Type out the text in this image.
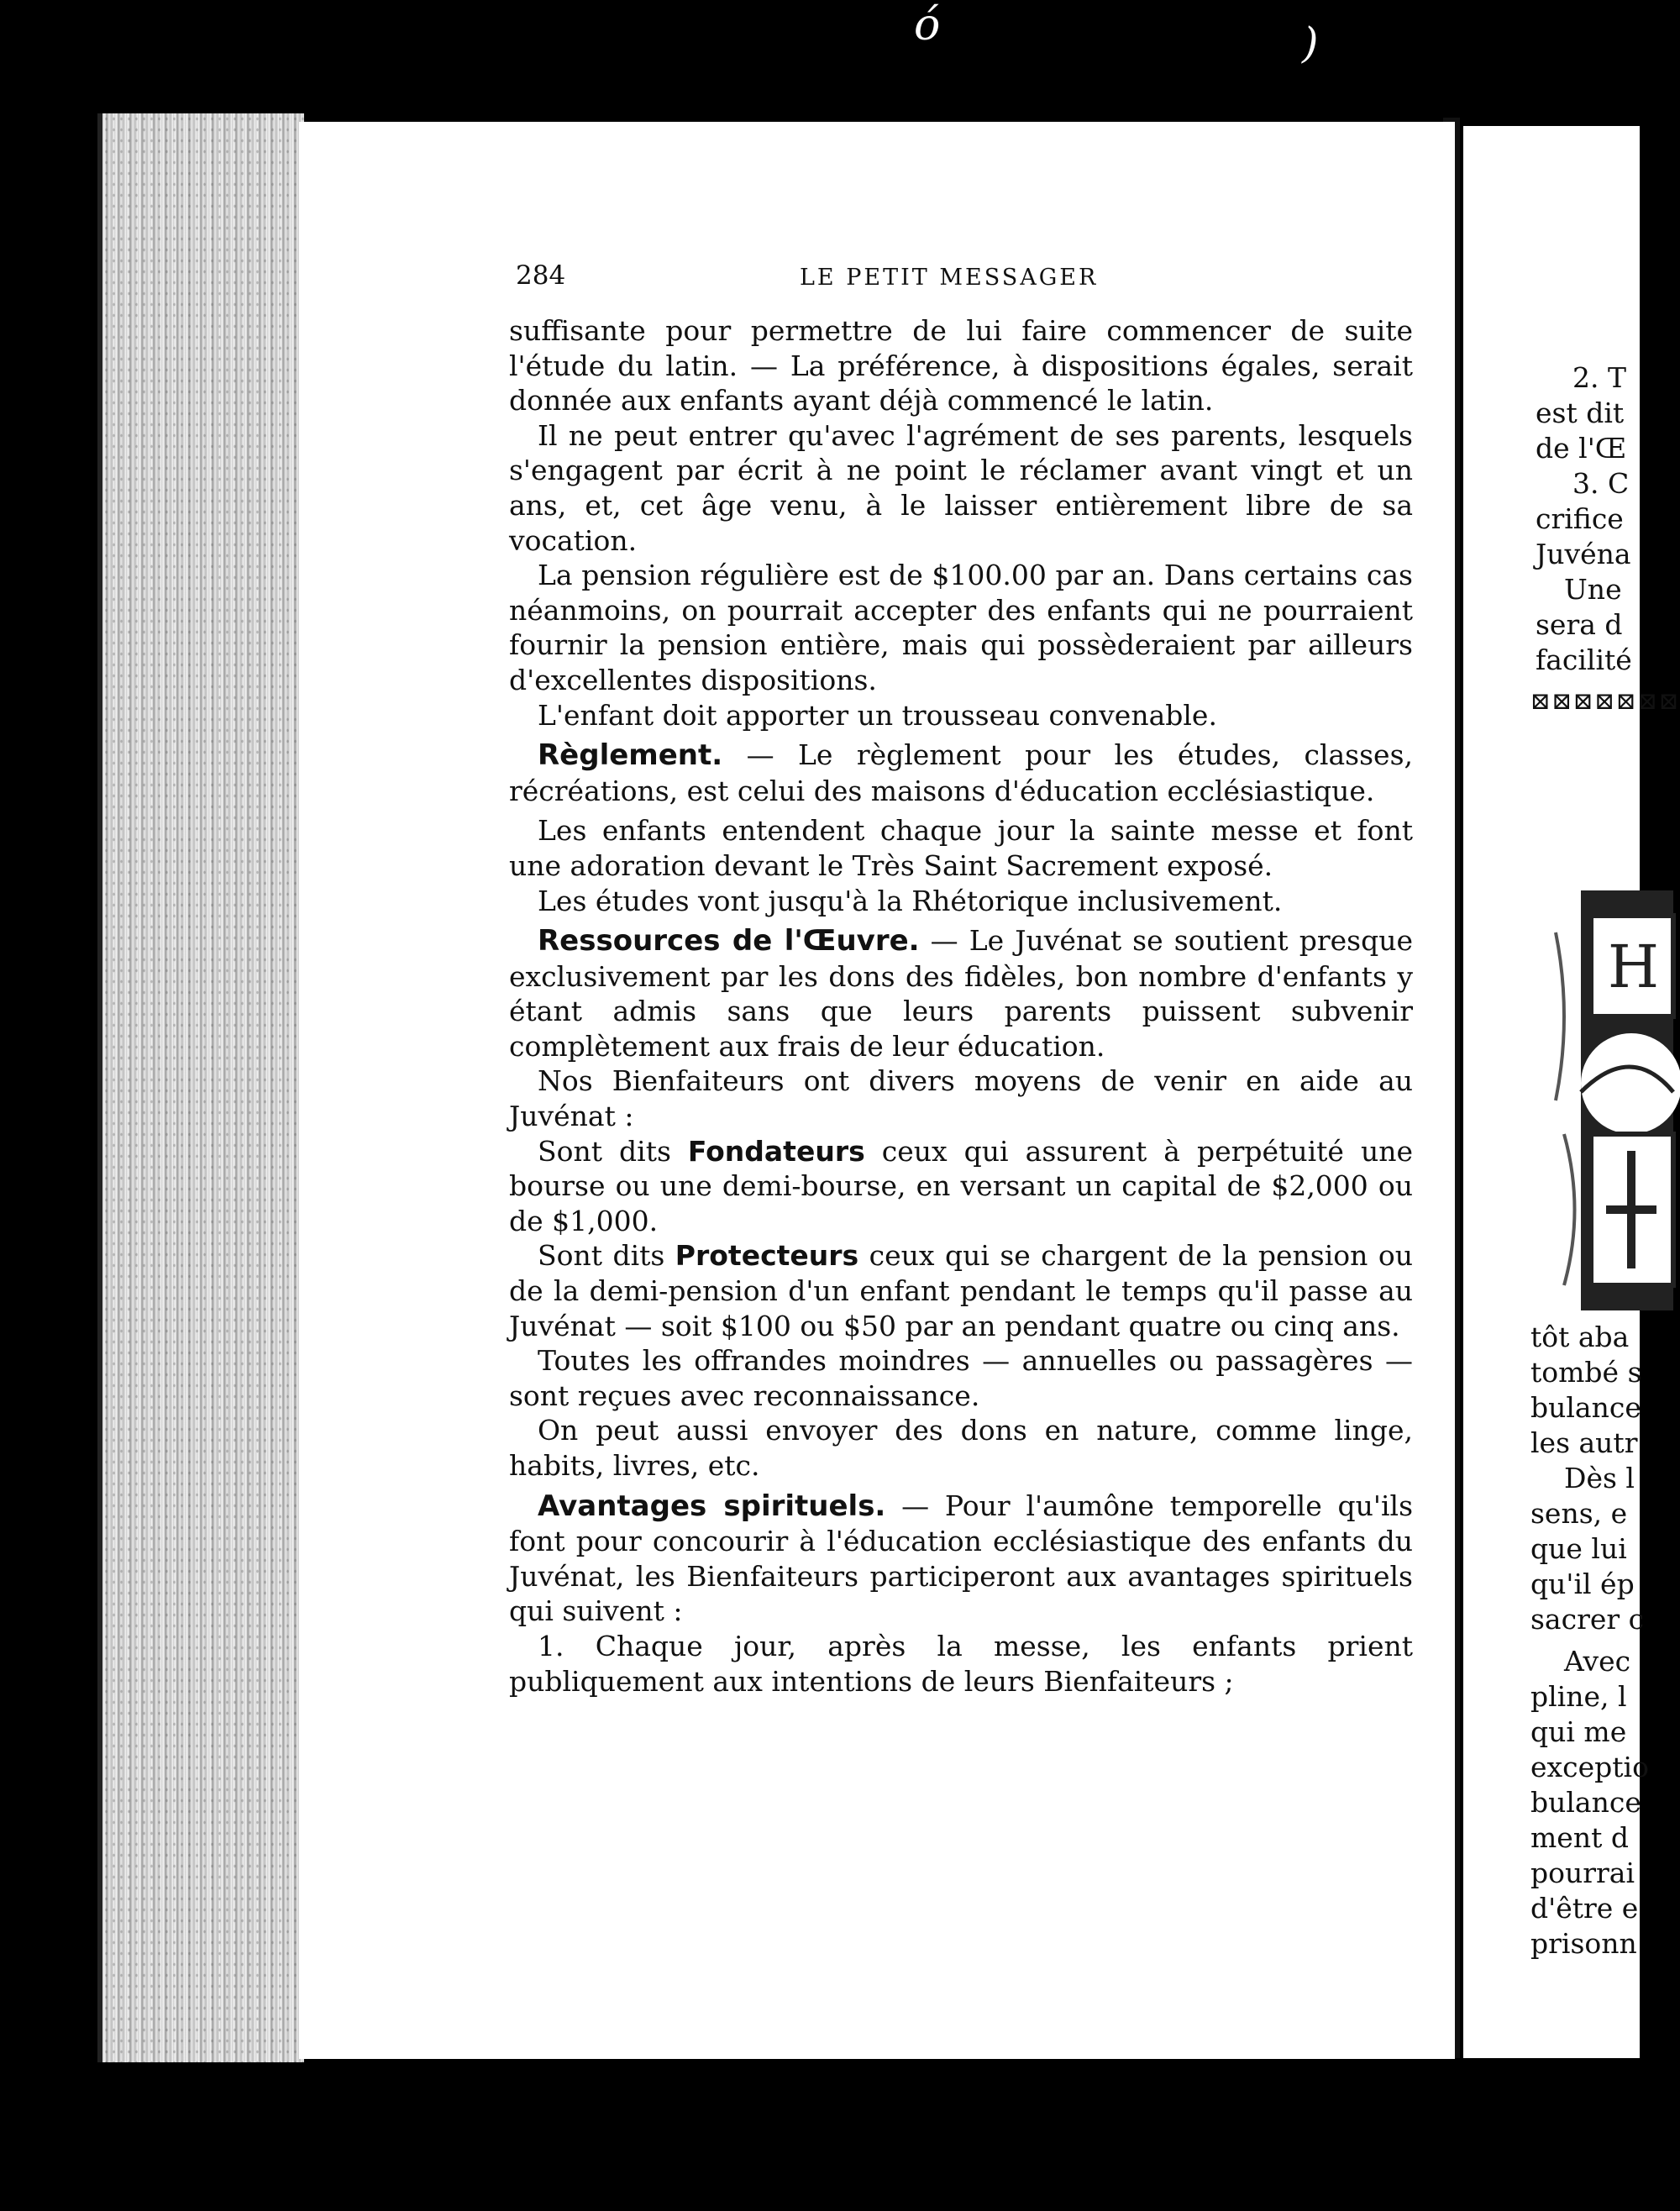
ó	)
284	LE PETIT MESSAGER

suffisante pour permettre de lui faire commencer de suite l'étude du latin. — La préférence, à dispositions égales, serait donnée aux enfants ayant déjà commencé le latin.

Il ne peut entrer qu'avec l'agrément de ses parents, lesquels s'engagent par écrit à ne point le réclamer avant vingt et un ans, et, cet âge venu, à le laisser entièrement libre de sa vocation.

La pension régulière est de $100.00 par an. Dans certains cas néanmoins, on pourrait accepter des enfants qui ne pourraient fournir la pension entière, mais qui possèderaient par ailleurs d'excellentes dispositions.

L'enfant doit apporter un trousseau convenable.

Règlement. — Le règlement pour les études, classes, récréations, est celui des maisons d'éducation ecclésiastique.

Les enfants entendent chaque jour la sainte messe et font une adoration devant le Très Saint Sacrement exposé.

Les études vont jusqu'à la Rhétorique inclusivement.

Ressources de l'Œuvre. — Le Juvénat se soutient presque exclusivement par les dons des fidèles, bon nombre d'enfants y étant admis sans que leurs parents puissent subvenir complètement aux frais de leur éducation.

Nos Bienfaiteurs ont divers moyens de venir en aide au Juvénat :

Sont dits Fondateurs ceux qui assurent à perpétuité une bourse ou une demi-bourse, en versant un capital de $2,000 ou de $1,000.

Sont dits Protecteurs ceux qui se chargent de la pension ou de la demi-pension d'un enfant pendant le temps qu'il passe au Juvénat — soit $100 ou $50 par an pendant quatre ou cinq ans.

Toutes les offrandes moindres — annuelles ou passagères — sont reçues avec reconnaissance.

On peut aussi envoyer des dons en nature, comme linge, habits, livres, etc.

Avantages spirituels. — Pour l'aumône temporelle qu'ils font pour concourir à l'éducation ecclésiastique des enfants du Juvénat, les Bienfaiteurs participeront aux avantages spirituels qui suivent :

1. Chaque jour, après la messe, les enfants prient publiquement aux intentions de leurs Bienfaiteurs ;

2. T
est dit
de l'Œ
3. C
crifice
Juvéna
Une
sera d
facilité
⊠⊠⊠⊠⊠⊠⊠
H
tôt aba
tombé s
bulance
les autr
Dès l
sens, e
que lui
qu'il ép
sacrer c
Avec
pline, l
qui me
exceptio
bulance
ment d
pourrai
d'être e
prisonn
